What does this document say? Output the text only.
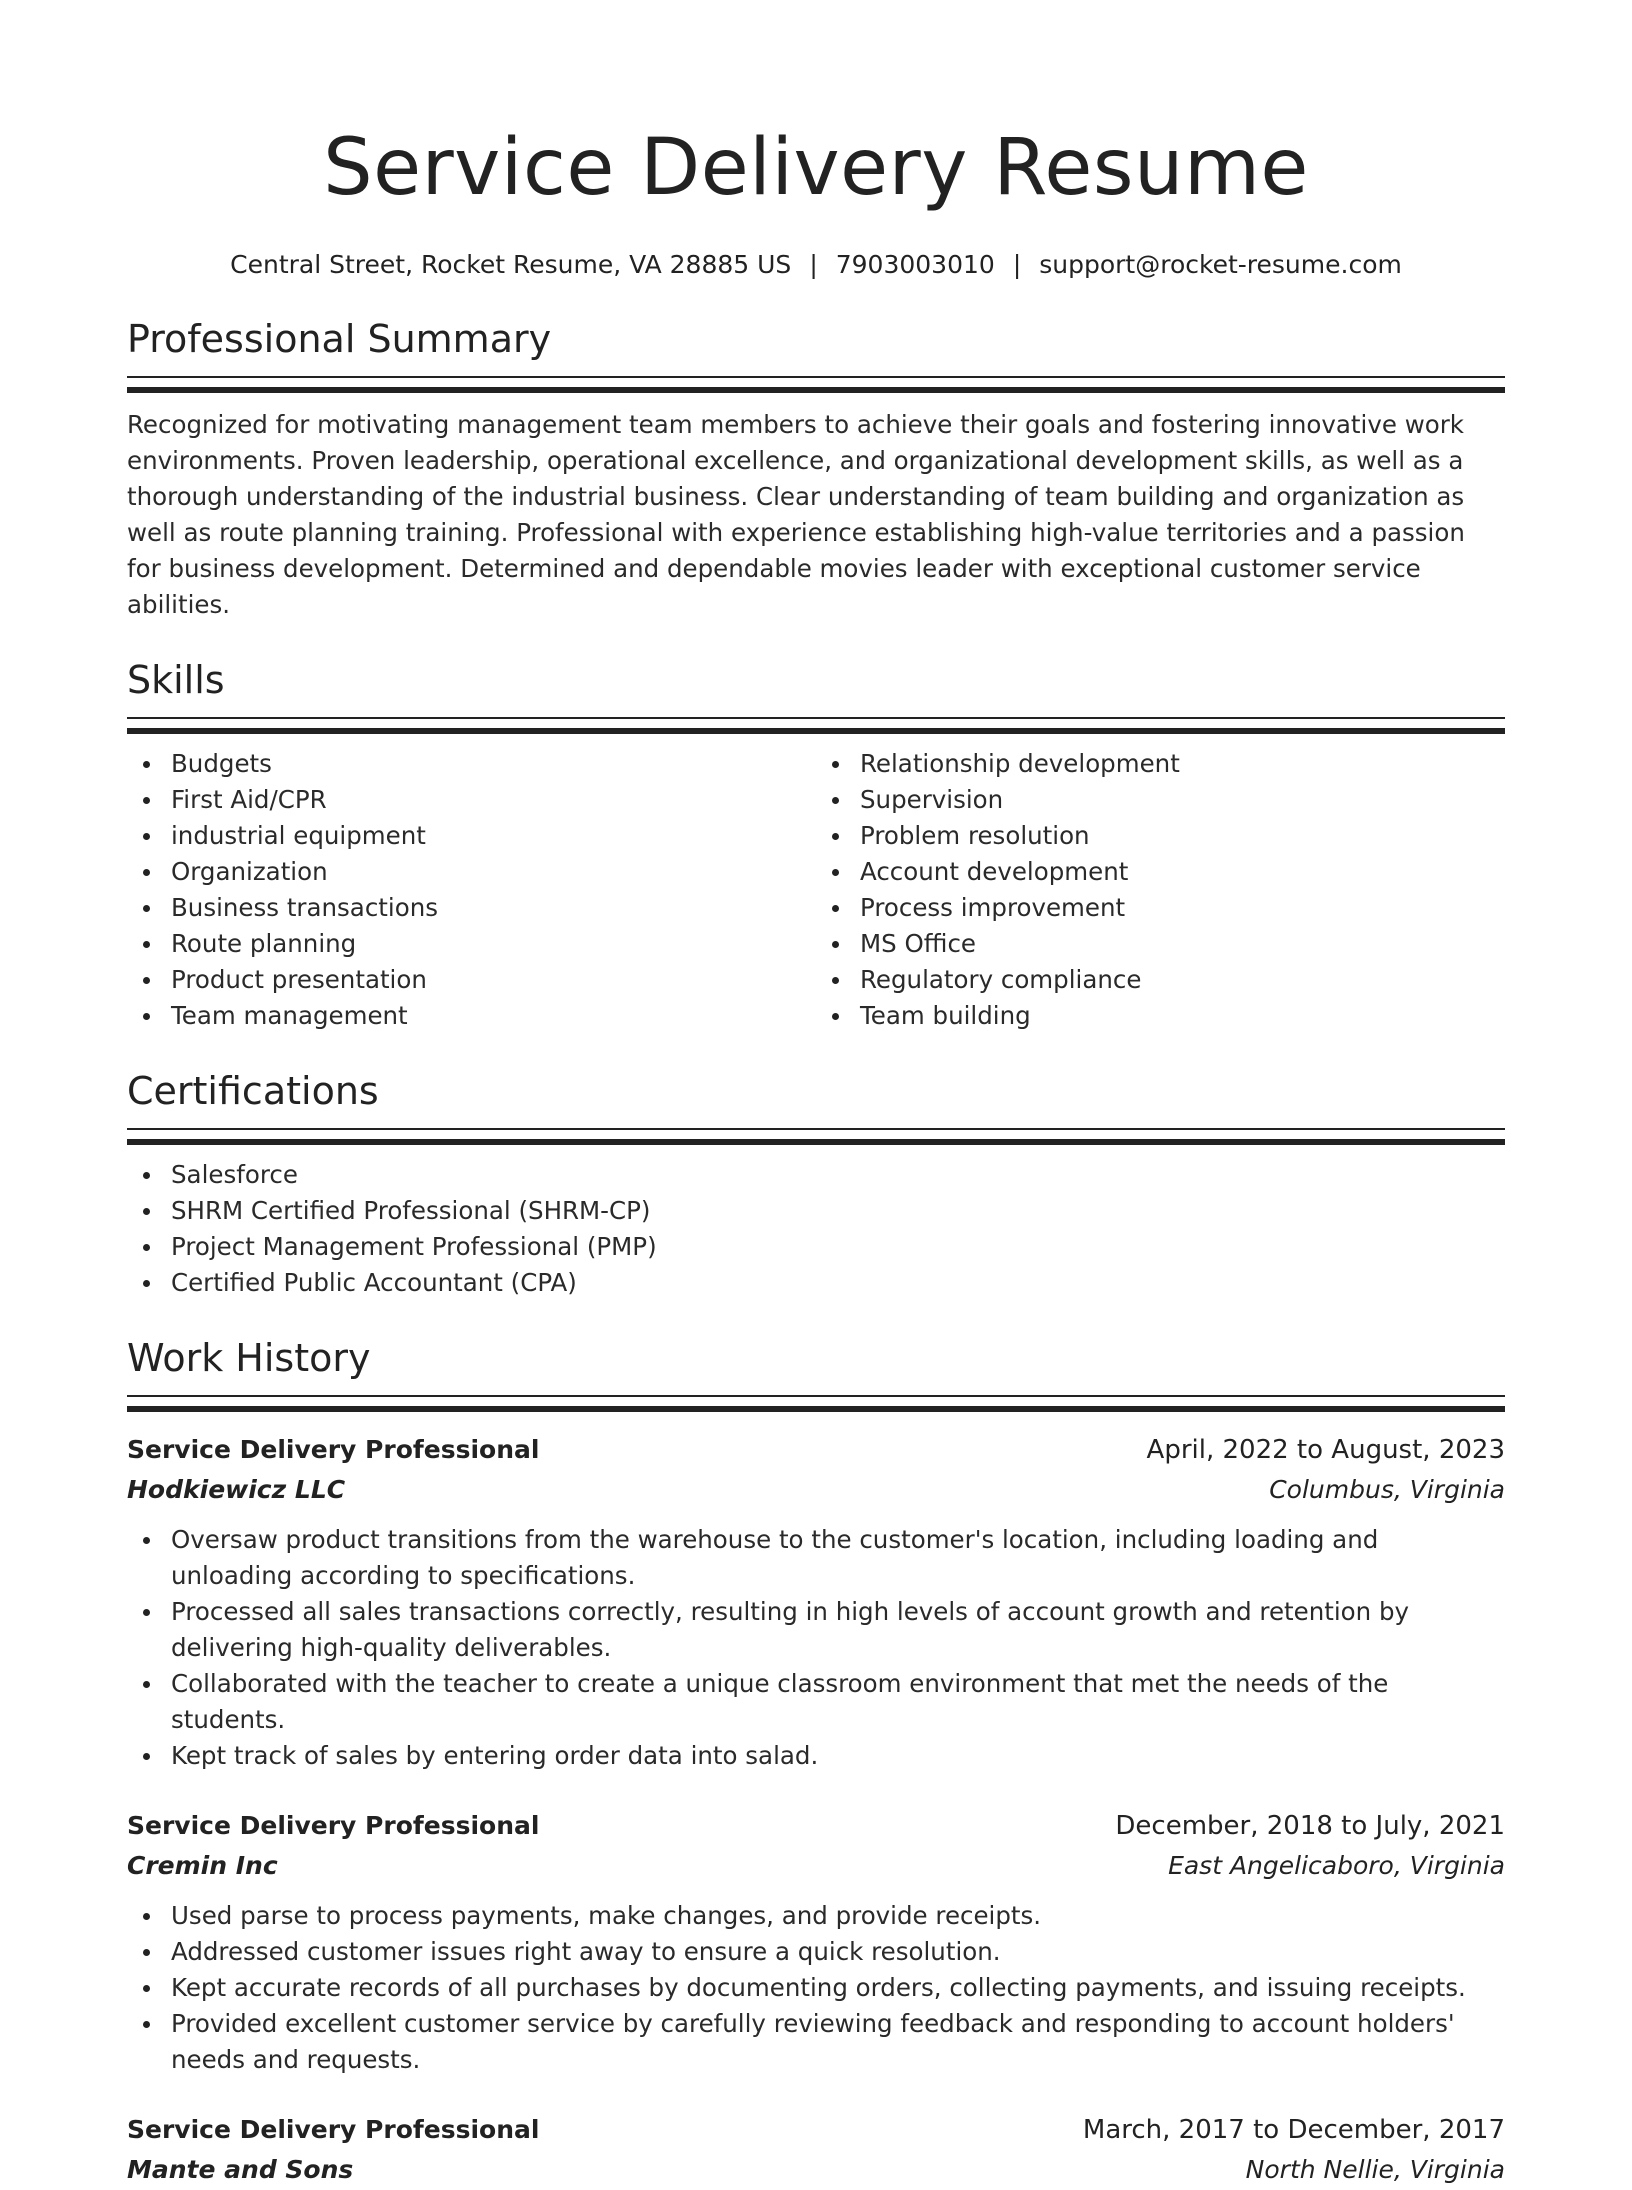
Service Delivery Resume
Central Street, Rocket Resume, VA 28885 US | 7903003010 | support@rocket-resume.com
Professional Summary

Recognized for motivating management team members to achieve their goals and fostering innovative work environments. Proven leadership, operational excellence, and organizational development skills, as well as a thorough understanding of the industrial business. Clear understanding of team building and organization as well as route planning training. Professional with experience establishing high-value territories and a passion for business development. Determined and dependable movies leader with exceptional customer service abilities.

Skills
Budgets
First Aid/CPR
industrial equipment
Organization
Business transactions
Route planning
Product presentation
Team management
Relationship development
Supervision
Problem resolution
Account development
Process improvement
MS Office
Regulatory compliance
Team building
Certifications
Salesforce
SHRM Certified Professional (SHRM-CP)
Project Management Professional (PMP)
Certified Public Accountant (CPA)
Work History
Service Delivery Professional	April, 2022 to August, 2023
Hodkiewicz LLC	Columbus, Virginia
Oversaw product transitions from the warehouse to the customer's location, including loading and unloading according to specifications.
Processed all sales transactions correctly, resulting in high levels of account growth and retention by delivering high-quality deliverables.
Collaborated with the teacher to create a unique classroom environment that met the needs of the students.
Kept track of sales by entering order data into salad.
Service Delivery Professional	December, 2018 to July, 2021
Cremin Inc	East Angelicaboro, Virginia
Used parse to process payments, make changes, and provide receipts.
Addressed customer issues right away to ensure a quick resolution.
Kept accurate records of all purchases by documenting orders, collecting payments, and issuing receipts.
Provided excellent customer service by carefully reviewing feedback and responding to account holders' needs and requests.
Service Delivery Professional	March, 2017 to December, 2017
Mante and Sons	North Nellie, Virginia
